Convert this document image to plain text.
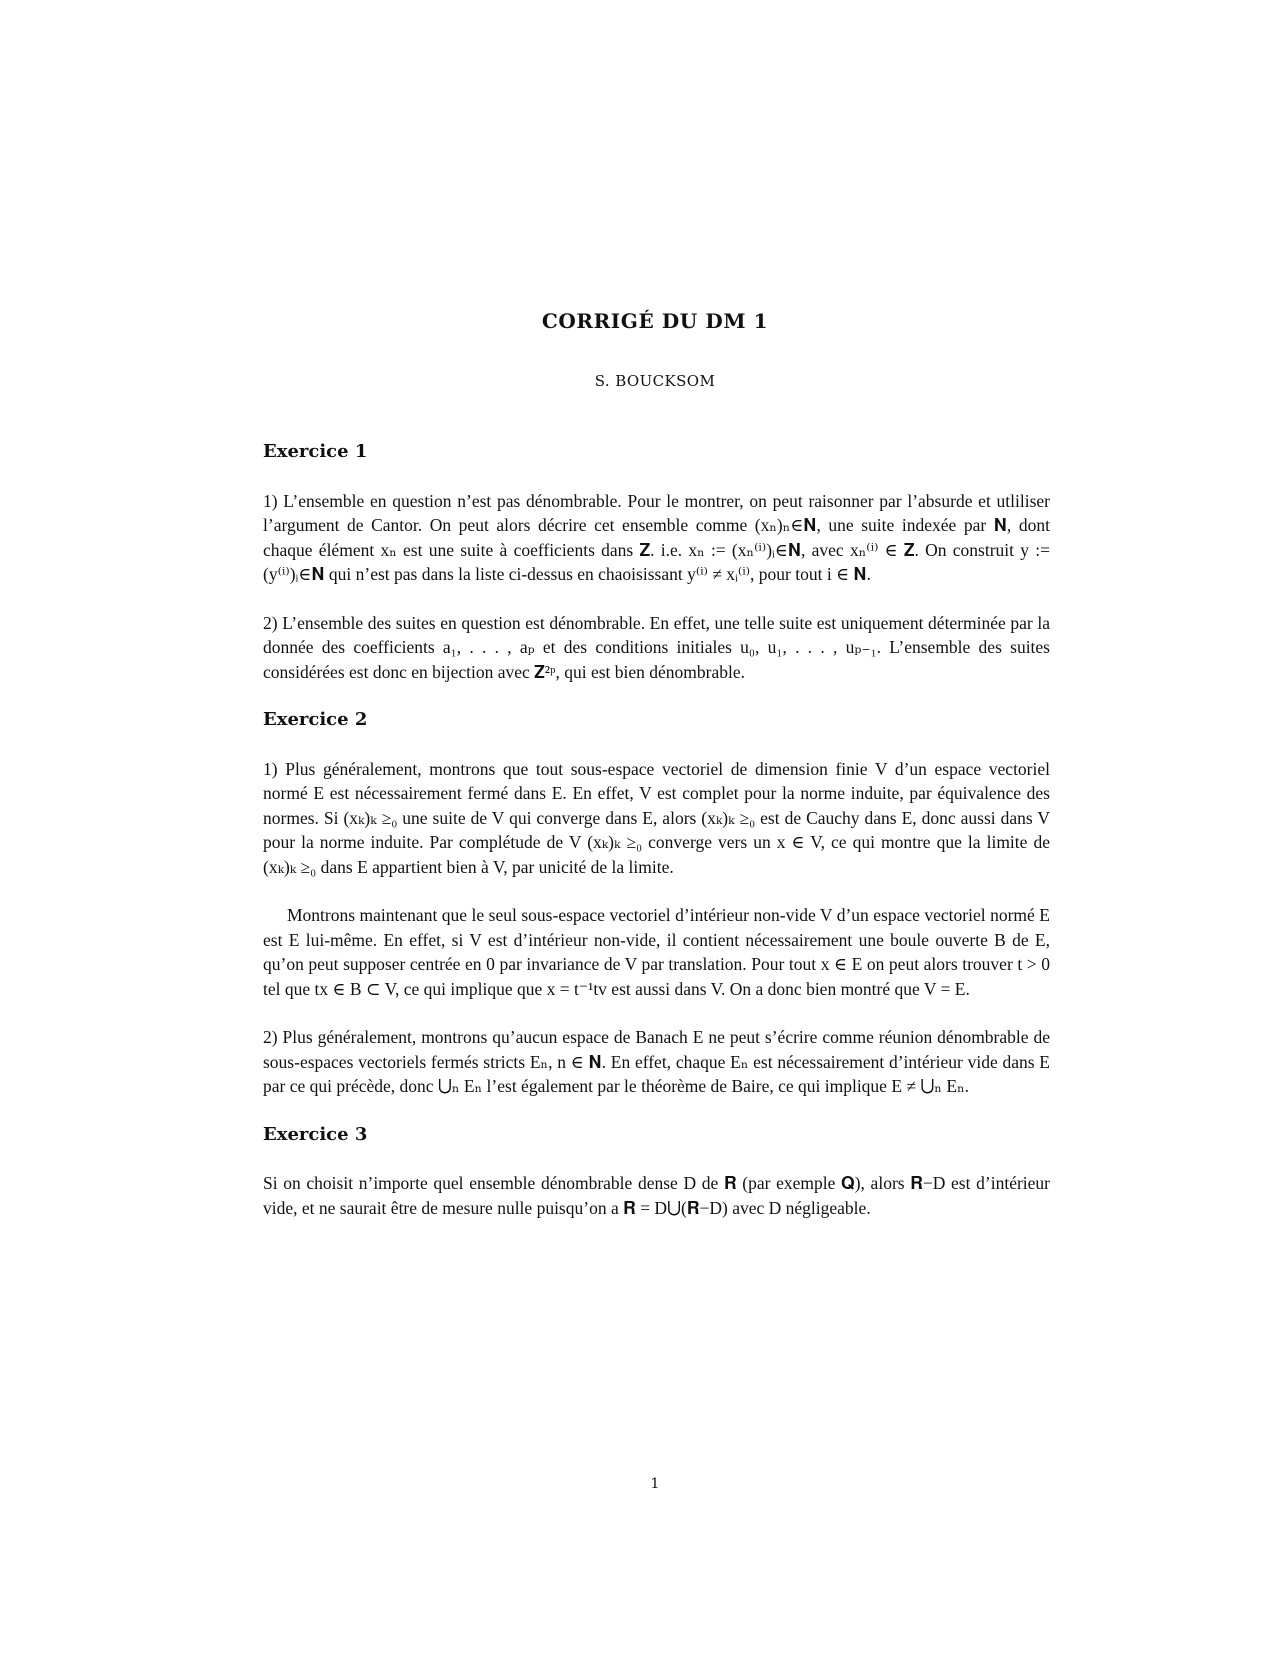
CORRIGÉ DU DM 1
S. BOUCKSOM
Exercice 1

1) L’ensemble en question n’est pas dénombrable. Pour le montrer, on peut raisonner par l’absurde et utliliser l’argument de Cantor. On peut alors décrire cet ensemble comme (xₙ)ₙ∈𝐍, une suite indexée par 𝐍, dont chaque élément xₙ est une suite à coefficients dans 𝐙. i.e. xₙ := (xₙ⁽ⁱ⁾)ᵢ∈𝐍, avec xₙ⁽ⁱ⁾ ∈ 𝐙. On construit y := (y⁽ⁱ⁾)ᵢ∈𝐍 qui n’est pas dans la liste ci-dessus en chaoisissant y⁽ⁱ⁾ ≠ xᵢ⁽ⁱ⁾, pour tout i ∈ 𝐍.

2) L’ensemble des suites en question est dénombrable. En effet, une telle suite est uniquement déterminée par la donnée des coefficients a₁, . . . , aₚ et des conditions initiales u₀, u₁, . . . , uₚ₋₁. L’ensemble des suites considérées est donc en bijection avec 𝐙²ᵖ, qui est bien dénombrable.

Exercice 2

1) Plus généralement, montrons que tout sous-espace vectoriel de dimension finie V d’un espace vectoriel normé E est nécessairement fermé dans E. En effet, V est complet pour la norme induite, par équivalence des normes. Si (xₖ)ₖ ≥₀ une suite de V qui converge dans E, alors (xₖ)ₖ ≥₀ est de Cauchy dans E, donc aussi dans V pour la norme induite. Par complétude de V (xₖ)ₖ ≥₀ converge vers un x ∈ V, ce qui montre que la limite de (xₖ)ₖ ≥₀ dans E appartient bien à V, par unicité de la limite.

Montrons maintenant que le seul sous-espace vectoriel d’intérieur non-vide V d’un espace vectoriel normé E est E lui-même. En effet, si V est d’intérieur non-vide, il contient nécessairement une boule ouverte B de E, qu’on peut supposer centrée en 0 par invariance de V par translation. Pour tout x ∈ E on peut alors trouver t > 0 tel que tx ∈ B ⊂ V, ce qui implique que x = t⁻¹tv est aussi dans V. On a donc bien montré que V = E.

2) Plus généralement, montrons qu’aucun espace de Banach E ne peut s’écrire comme réunion dénombrable de sous-espaces vectoriels fermés stricts Eₙ, n ∈ 𝐍. En effet, chaque Eₙ est nécessairement d’intérieur vide dans E par ce qui précède, donc ⋃ₙ Eₙ l’est également par le théorème de Baire, ce qui implique E ≠ ⋃ₙ Eₙ.

Exercice 3

Si on choisit n’importe quel ensemble dénombrable dense D de 𝐑 (par exemple 𝐐), alors 𝐑−D est d’intérieur vide, et ne saurait être de mesure nulle puisqu’on a 𝐑 = D⋃(𝐑−D) avec D négligeable.

1
